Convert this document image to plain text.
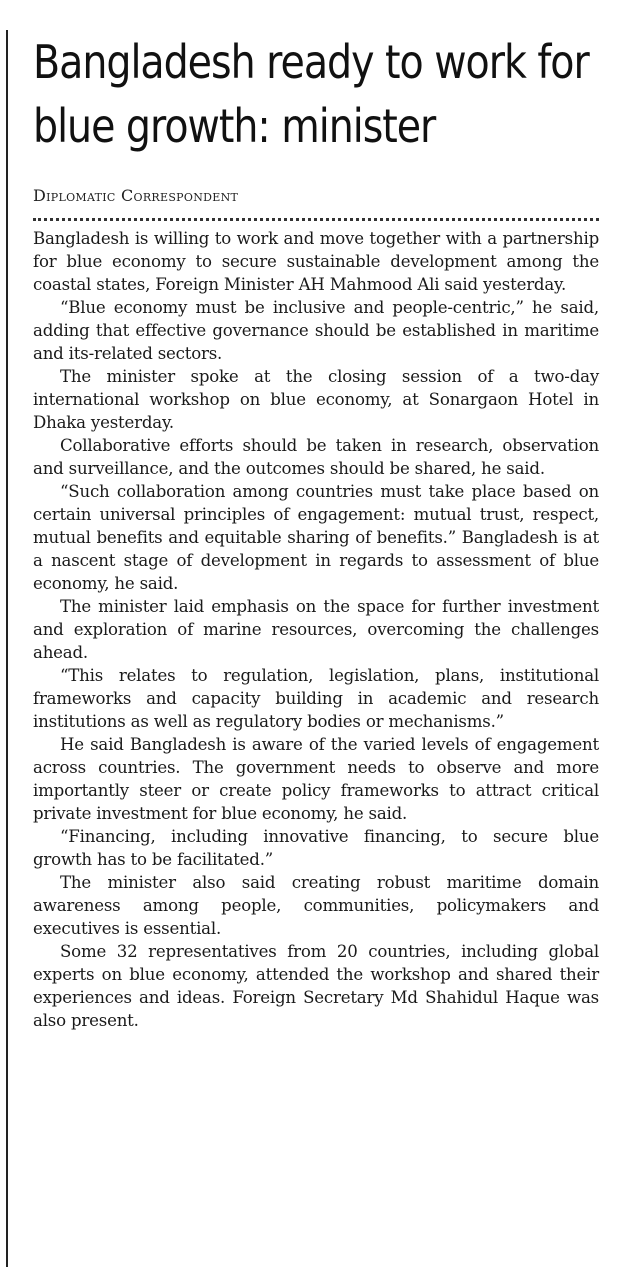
Bangladesh ready to work for blue growth: minister
Diplomatic Correspondent

Bangladesh is willing to work and move together with a partnership for blue economy to secure sustainable development among the coastal states, Foreign Minister AH Mahmood Ali said yesterday.

“Blue economy must be inclusive and people-centric,” he said, adding that effective governance should be established in maritime and its-related sectors.

The minister spoke at the closing session of a two-day international workshop on blue economy, at Sonargaon Hotel in Dhaka yesterday.

Collaborative efforts should be taken in research, observation and surveillance, and the outcomes should be shared, he said.

“Such collaboration among countries must take place based on certain universal principles of engagement: mutual trust, respect, mutual benefits and equitable sharing of benefits.” Bangladesh is at a nascent stage of development in regards to assessment of blue economy, he said.

The minister laid emphasis on the space for further investment and exploration of marine resources, overcoming the challenges ahead.

“This relates to regulation, legislation, plans, institutional frameworks and capacity building in academic and research institutions as well as regulatory bodies or mechanisms.”

He said Bangladesh is aware of the varied levels of engagement across countries. The government needs to observe and more importantly steer or create policy frameworks to attract critical private investment for blue economy, he said.

“Financing, including innovative financing, to secure blue growth has to be facilitated.”

The minister also said creating robust maritime domain awareness among people, communities, policymakers and executives is essential.

Some 32 representatives from 20 countries, including global experts on blue economy, attended the workshop and shared their experiences and ideas. Foreign Secretary Md Shahidul Haque was also present.
